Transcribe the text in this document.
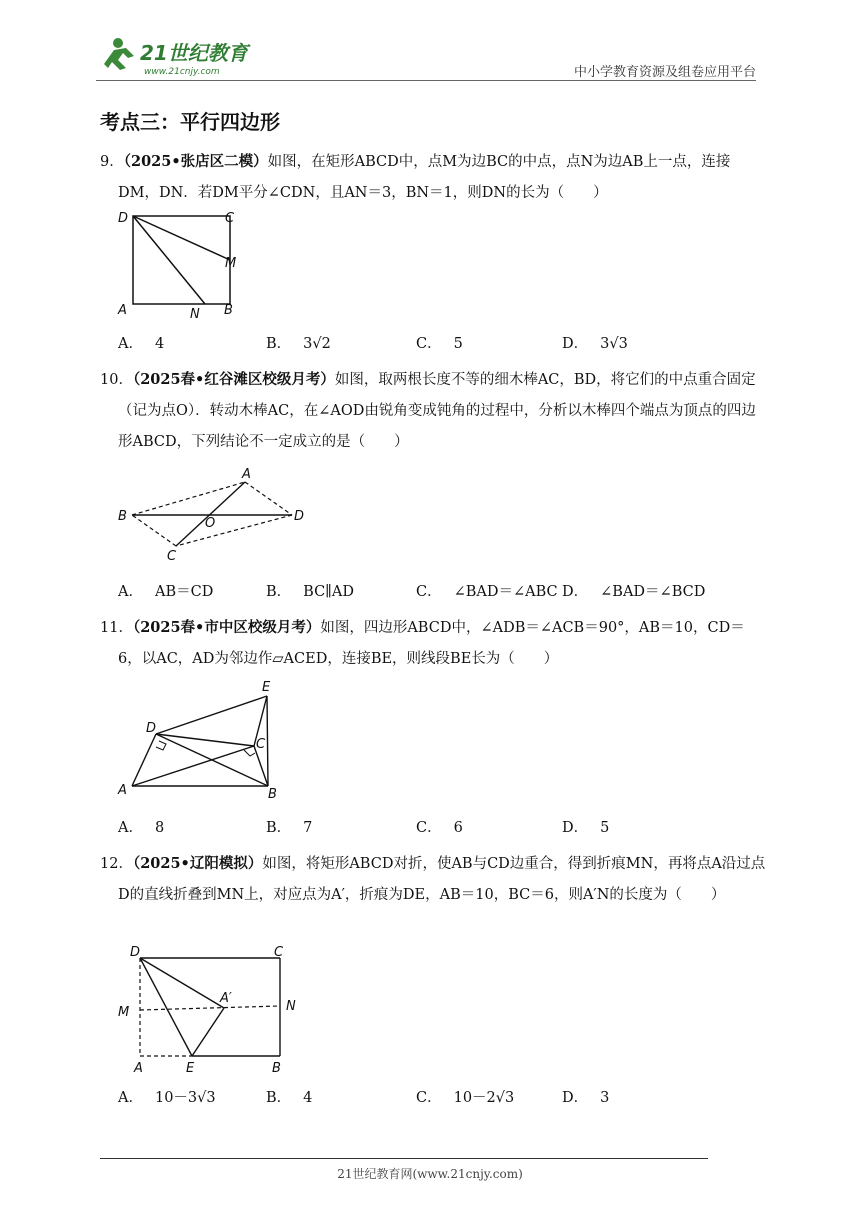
21世纪教育
www.21cnjy.com	中小学教育资源及组卷应用平台
考点三：平行四边形
9．（2025•张店区二模）如图，在矩形ABCD中，点M为边BC的中点，点N为边AB上一点，连接DM，DN．若DM平分∠CDN，且AN＝3，BN＝1，则DN的长为（　　）
D	C
M
A	N B
A． 4	B． 3√2	C． 5	D． 3√3
10．（2025春•红谷滩区校级月考）如图，取两根长度不等的细木棒AC，BD，将它们的中点重合固定（记为点O）．转动木棒AC，在∠AOD由锐角变成钝角的过程中，分析以木棒四个端点为顶点的四边形ABCD，下列结论不一定成立的是（　　）
A
B	O	D
C
A． AB＝CD	B． BC∥AD	C． ∠BAD＝∠ABC D． ∠BAD＝∠BCD
11．（2025春•市中区校级月考）如图，四边形ABCD中，∠ADB＝∠ACB＝90°，AB＝10，CD＝6，以AC，AD为邻边作▱ACED，连接BE，则线段BE长为（　　）
E
D
C
A	B
A． 8	B． 7	C． 6	D． 5
12．（2025•辽阳模拟）如图，将矩形ABCD对折，使AB与CD边重合，得到折痕MN，再将点A沿过点D的直线折叠到MN上，对应点为A′，折痕为DE，AB＝10，BC＝6，则A′N的长度为（　　）
D	C
A′
M	N
A	E	B
A． 10－3√3	B． 4	C． 10－2√3	D． 3
21世纪教育网(www.21cnjy.com)
